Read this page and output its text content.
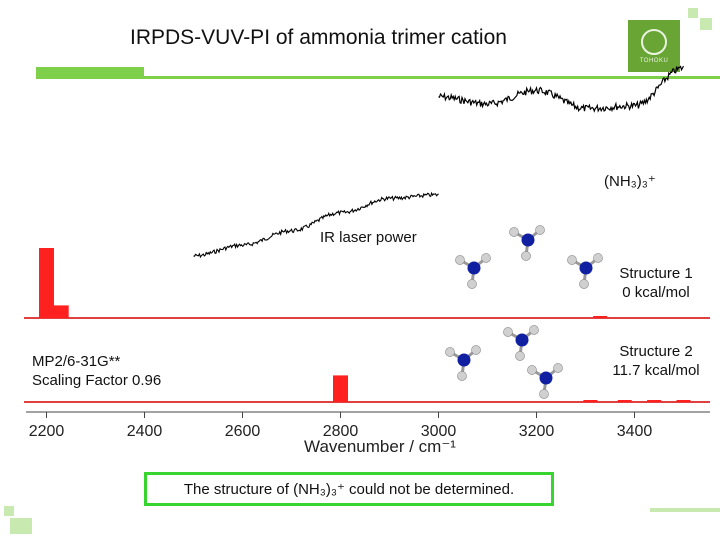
IRPDS-VUV-PI of ammonia trimer cation
TOHOKU
2200	2400	2600	2800	3000	3200	3400
Wavenumber / cm⁻¹
(NH₃)₃⁺
IR laser power
Structure 1
0 kcal/mol
Structure 2
11.7 kcal/mol
MP2/6-31G**
Scaling Factor 0.96
The structure of (NH₃)₃⁺ could not be determined.
